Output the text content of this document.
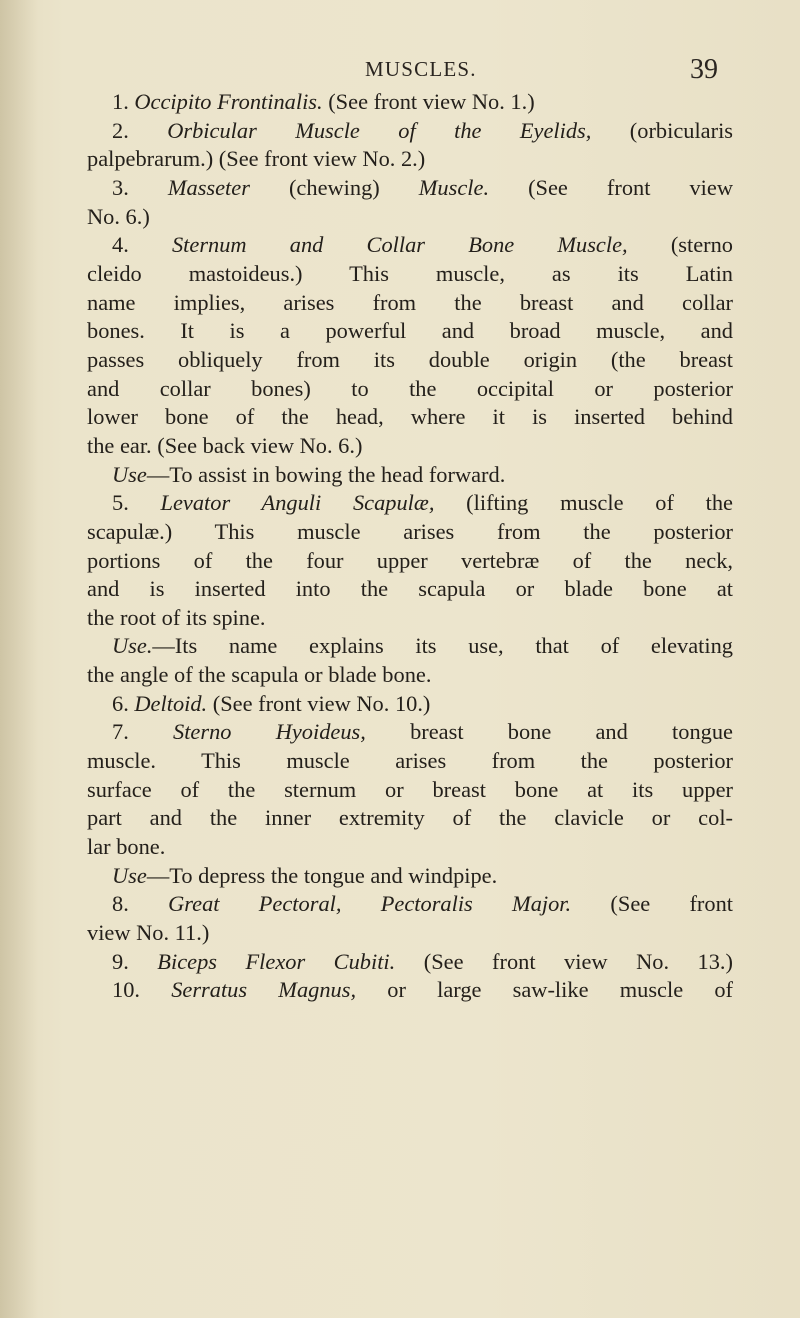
MUSCLES.	39
1. Occipito Frontinalis. (See front view No. 1.)
2. Orbicular Muscle of the Eyelids, (orbicularis
palpebrarum.) (See front view No. 2.)
3. Masseter (chewing) Muscle. (See front view
No. 6.)
4. Sternum and Collar Bone Muscle, (sterno
cleido mastoideus.) This muscle, as its Latin
name implies, arises from the breast and collar
bones. It is a powerful and broad muscle, and
passes obliquely from its double origin (the breast
and collar bones) to the occipital or posterior
lower bone of the head, where it is inserted behind
the ear. (See back view No. 6.)
Use—To assist in bowing the head forward.
5. Levator Anguli Scapulæ, (lifting muscle of the
scapulæ.) This muscle arises from the posterior
portions of the four upper vertebræ of the neck,
and is inserted into the scapula or blade bone at
the root of its spine.
Use.—Its name explains its use, that of elevating
the angle of the scapula or blade bone.
6. Deltoid. (See front view No. 10.)
7. Sterno Hyoideus, breast bone and tongue
muscle. This muscle arises from the posterior
surface of the sternum or breast bone at its upper
part and the inner extremity of the clavicle or col-
lar bone.
Use—To depress the tongue and windpipe.
8. Great Pectoral, Pectoralis Major. (See front
view No. 11.)
9. Biceps Flexor Cubiti. (See front view No. 13.)
10. Serratus Magnus, or large saw-like muscle of
